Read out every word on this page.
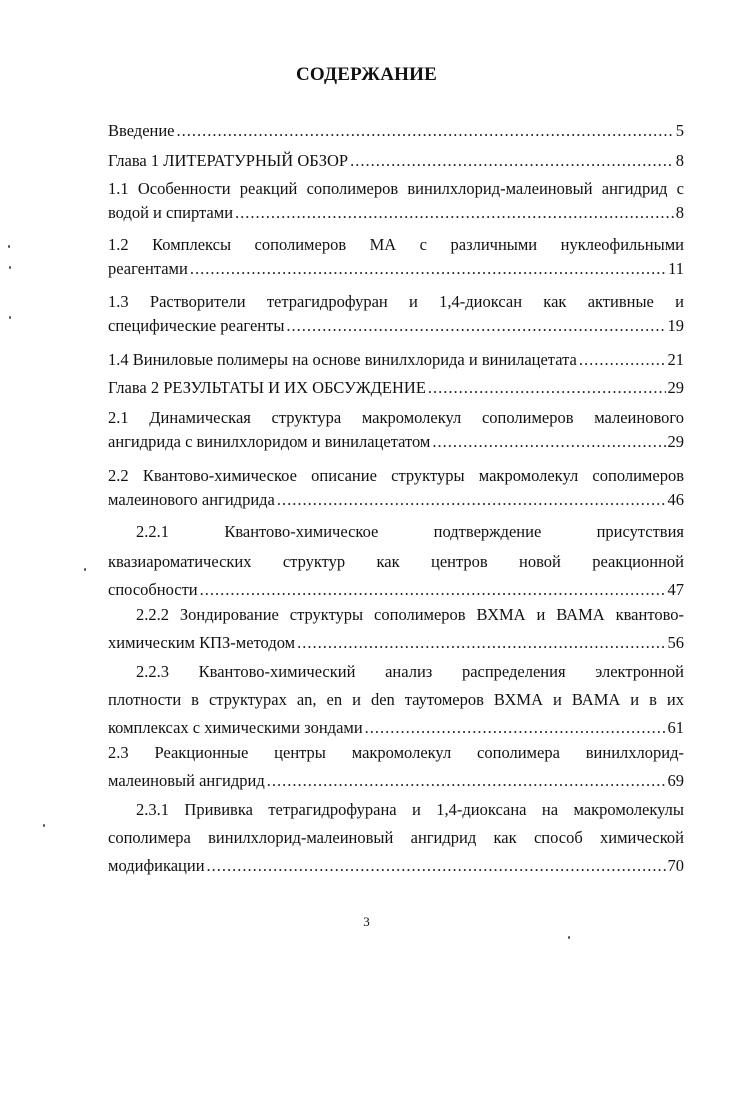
СОДЕРЖАНИЕ
Введение .....	5
Глава 1 ЛИТЕРАТУРНЫЙ ОБЗОР .....	8
1.1 Особенности реакций сополимеров винилхлорид-малеиновый ангидрид с
водой и спиртами .....	8
1.2 Комплексы сополимеров МА с различными нуклеофильными
реагентами .....	11
1.3 Растворители тетрагидрофуран и 1,4-диоксан как активные и
специфические реагенты .....	19
1.4 Виниловые полимеры на основе винилхлорида и винилацетата .....	21
Глава 2 РЕЗУЛЬТАТЫ И ИХ ОБСУЖДЕНИЕ .....	29
2.1 Динамическая структура макромолекул сополимеров малеинового
ангидрида с винилхлоридом и винилацетатом .....	29
2.2 Квантово-химическое описание структуры макромолекул сополимеров
малеинового ангидрида .....	46
2.2.1 Квантово-химическое подтверждение присутствия
квазиароматических структур как центров новой реакционной
способности .....	47
2.2.2 Зондирование структуры сополимеров ВХМА и ВАМА квантово-
химическим КПЗ-методом .....	56
2.2.3 Квантово-химический анализ распределения электронной
плотности в структурах an, en и den таутомеров ВХМА и ВАМА и в их
комплексах с химическими зондами .....	61
2.3 Реакционные центры макромолекул сополимера винилхлорид-
малеиновый ангидрид .....	69
2.3.1 Прививка тетрагидрофурана и 1,4-диоксана на макромолекулы
сополимера винилхлорид-малеиновый ангидрид как способ химической
модификации .....	70
3
